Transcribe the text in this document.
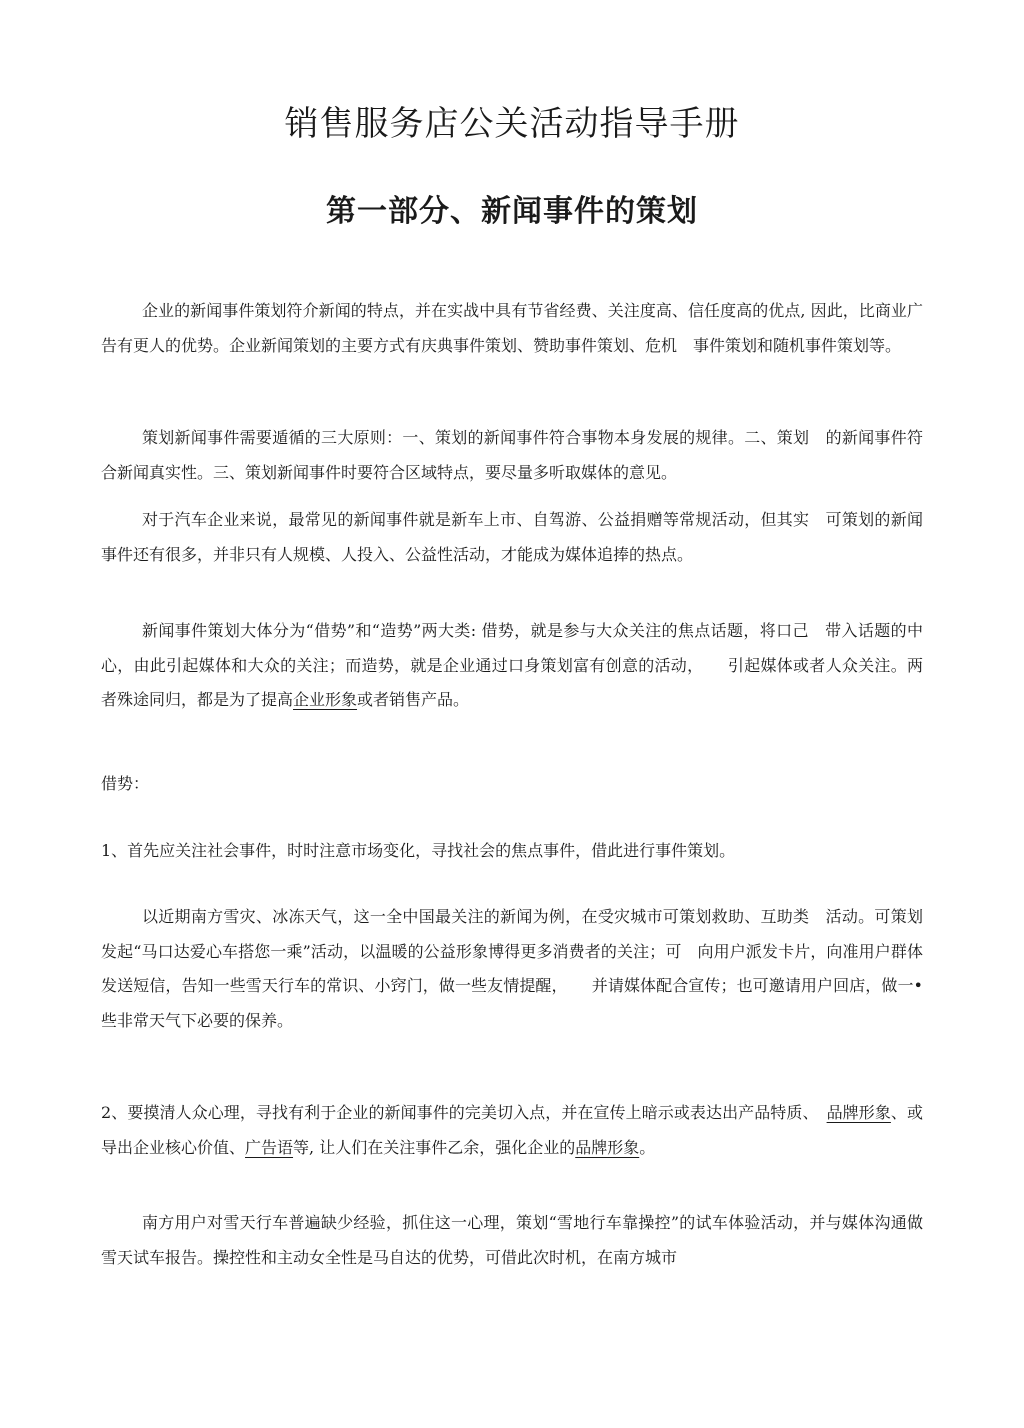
销售服务店公关活动指导手册
第一部分、新闻事件的策划

企业的新闻事件策划符介新闻的特点，并在实战中具有节省经费、关注度高、信任度高的优点, 因此，比商业广告有更人的优势。企业新闻策划的主要方式有庆典事件策划、赞助事件策划、危机　事件策划和随机事件策划等。

策划新闻事件需要遁循的三大原则：一、策划的新闻事件符合事物本身发展的规律。二、策划　的新闻事件符合新闻真实性。三、策划新闻事件时要符合区域特点，要尽量多听取媒体的意见。

对于汽车企业来说，最常见的新闻事件就是新车上市、自驾游、公益捐赠等常规活动，但其实　可策划的新闻事件还有很多，并非只有人规模、人投入、公益性活动，才能成为媒体追捧的热点。

新闻事件策划大体分为“借势”和“造势”两大类: 借势，就是参与大众关注的焦点话题，将口己　带入话题的中心，由此引起媒体和大众的关注；而造势，就是企业通过口身策划富有创意的活动，　　引起媒体或者人众关注。两者殊途同归，都是为了提高企业形象或者销售产品。

借势：

1、首先应关注社会事件，时时注意市场变化，寻找社会的焦点事件，借此进行事件策划。

以近期南方雪灾、冰冻天气，这一全中国最关注的新闻为例，在受灾城市可策划救助、互助类　活动。可策划发起“马口达爱心车搭您一乘”活动，以温暖的公益形象博得更多消费者的关注；可　向用户派发卡片，向准用户群体发送短信，告知一些雪天行车的常识、小窍门，做一些友情提醒，　　并请媒体配合宣传；也可邀请用户回店，做一•些非常天气下必要的保养。

2、要摸清人众心理，寻找有利于企业的新闻事件的完美切入点，并在宣传上暗示或表达出产品特质、　品牌形象、或导出企业核心价值、广告语等, 让人们在关注事件乙余，强化企业的品牌形象。

南方用户对雪天行车普遍缺少经验，抓住这一心理，策划“雪地行车靠操控”的试车体验活动，并与媒体沟通做雪天试车报告。操控性和主动女全性是马自达的优势，可借此次时机，在南方城市
